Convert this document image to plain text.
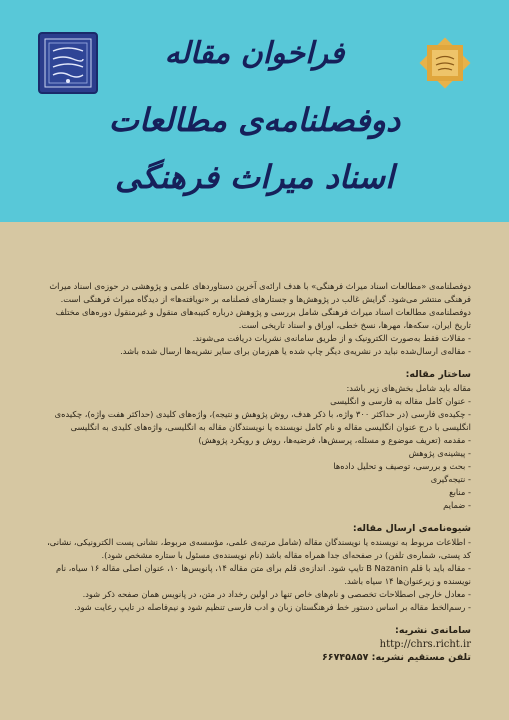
فراخوان مقاله
دوفصلنامه‌ی مطالعات
اسناد میراث فرهنگی

دوفصلنامه‌ی «مطالعات اسناد میراث فرهنگی» با هدف ارائه‌ی آخرین دستاوردهای علمی و پژوهشی در حوزه‌ی اسناد میراث فرهنگی منتشر می‌شود. گرایش غالب در پژوهش‌ها و جستارهای فصلنامه بر «نویافته‌ها» از دیدگاه میراث فرهنگی است. دوفصلنامه‌ی مطالعات اسناد میراث فرهنگی شامل بررسی و پژوهش درباره کتیبه‌های منقول و غیرمنقول دوره‌های مختلف تاریخ ایران، سکه‌ها، مهرها، نسخ خطی، اوراق و اسناد تاریخی است.

- مقالات فقط به‌صورت الکترونیک و از طریق سامانه‌ی نشریات دریافت می‌شوند.
- مقاله‌ی ارسال‌شده نباید در نشریه‌ی دیگر چاپ شده یا هم‌زمان برای سایر نشریه‌ها ارسال شده باشد.

ساختار مقاله:

مقاله باید شامل بخش‌های زیر باشد:

- عنوان کامل مقاله به فارسی و انگلیسی
- چکیده‌ی فارسی (در حداکثر ۳۰۰ واژه، با ذکر هدف، روش پژوهش و نتیجه)، واژه‌های کلیدی (حداکثر هفت واژه)، چکیده‌ی انگلیسی با درج عنوان انگلیسی مقاله و نام کامل نویسنده یا نویسندگان مقاله به انگلیسی، واژه‌های کلیدی به انگلیسی
- مقدمه (تعریف موضوع و مسئله، پرسش‌ها، فرضیه‌ها، روش و رویکرد پژوهش)
- پیشینه‌ی پژوهش
- بحث و بررسی، توصیف و تحلیل داده‌ها
- نتیجه‌گیری
- منابع
- ضمایم

شیوه‌نامه‌ی ارسال مقاله:

- اطلاعات مربوط به نویسنده یا نویسندگان مقاله (شامل مرتبه‌ی علمی، مؤسسه‌ی مربوط، نشانی پست الکترونیکی، نشانی، کد پستی، شماره‌ی تلفن) در صفحه‌ای جدا همراه مقاله باشد (نام نویسنده‌ی مسئول با ستاره مشخص شود).
- مقاله باید با قلم B Nazanin تایپ شود. اندازه‌ی قلم برای متن مقاله ۱۴، پانویس‌ها ۱۰، عنوان اصلی مقاله ۱۶ سیاه، نام نویسنده و زیرعنوان‌ها ۱۴ سیاه باشد.
- معادل خارجی اصطلاحات تخصصی و نام‌های خاص تنها در اولین رخداد در متن، در پانویس همان صفحه ذکر شود.
- رسم‌الخط مقاله بر اساس دستور خط فرهنگستان زبان و ادب فارسی تنظیم شود و نیم‌فاصله در تایپ رعایت شود.

سامانه‌ی نشریه:

http://chrs.richt.ir

تلفن مستقیم نشریه: ۶۶۷۴۵۸۵۷
